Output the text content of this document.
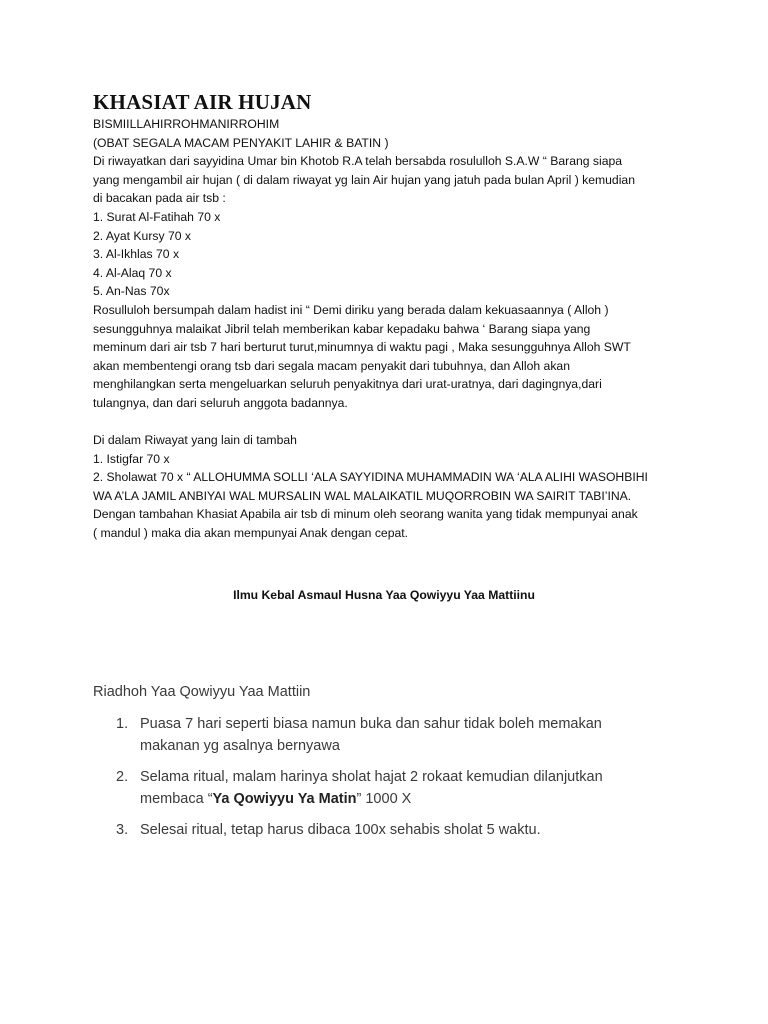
KHASIAT AIR HUJAN
BISMIILLAHIRROHMANIRROHIM
(OBAT SEGALA MACAM PENYAKIT LAHIR & BATIN )
Di riwayatkan dari sayyidina Umar bin Khotob R.A telah bersabda rosululloh S.A.W “ Barang siapa
yang mengambil air hujan ( di dalam riwayat yg lain Air hujan yang jatuh pada bulan April ) kemudian
di bacakan pada air tsb :
1. Surat Al-Fatihah 70 x
2. Ayat Kursy 70 x
3. Al-Ikhlas 70 x
4. Al-Alaq 70 x
5. An-Nas 70x
Rosulluloh bersumpah dalam hadist ini “ Demi diriku yang berada dalam kekuasaannya ( Alloh )
sesungguhnya malaikat Jibril telah memberikan kabar kepadaku bahwa ‘ Barang siapa yang
meminum dari air tsb 7 hari berturut turut,minumnya di waktu pagi , Maka sesungguhnya Alloh SWT
akan membentengi orang tsb dari segala macam penyakit dari tubuhnya, dan Alloh akan
menghilangkan serta mengeluarkan seluruh penyakitnya dari urat-uratnya, dari dagingnya,dari
tulangnya, dan dari seluruh anggota badannya.
Di dalam Riwayat yang lain di tambah
1. Istigfar 70 x
2. Sholawat 70 x “ ALLOHUMMA SOLLI ‘ALA SAYYIDINA MUHAMMADIN WA ‘ALA ALIHI WASOHBIHI
WA A’LA JAMIL ANBIYAI WAL MURSALIN WAL MALAIKATIL MUQORROBIN WA SAIRIT TABI’INA.
Dengan tambahan Khasiat Apabila air tsb di minum oleh seorang wanita yang tidak mempunyai anak
( mandul ) maka dia akan mempunyai Anak dengan cepat.
Ilmu Kebal Asmaul Husna Yaa Qowiyyu Yaa Mattiinu
Riadhoh Yaa Qowiyyu Yaa Mattiin
1. Puasa 7 hari seperti biasa namun buka dan sahur tidak boleh memakan
makanan yg asalnya bernyawa
2. Selama ritual, malam harinya sholat hajat 2 rokaat kemudian dilanjutkan
membaca “Ya Qowiyyu Ya Matin” 1000 X
3. Selesai ritual, tetap harus dibaca 100x sehabis sholat 5 waktu.
